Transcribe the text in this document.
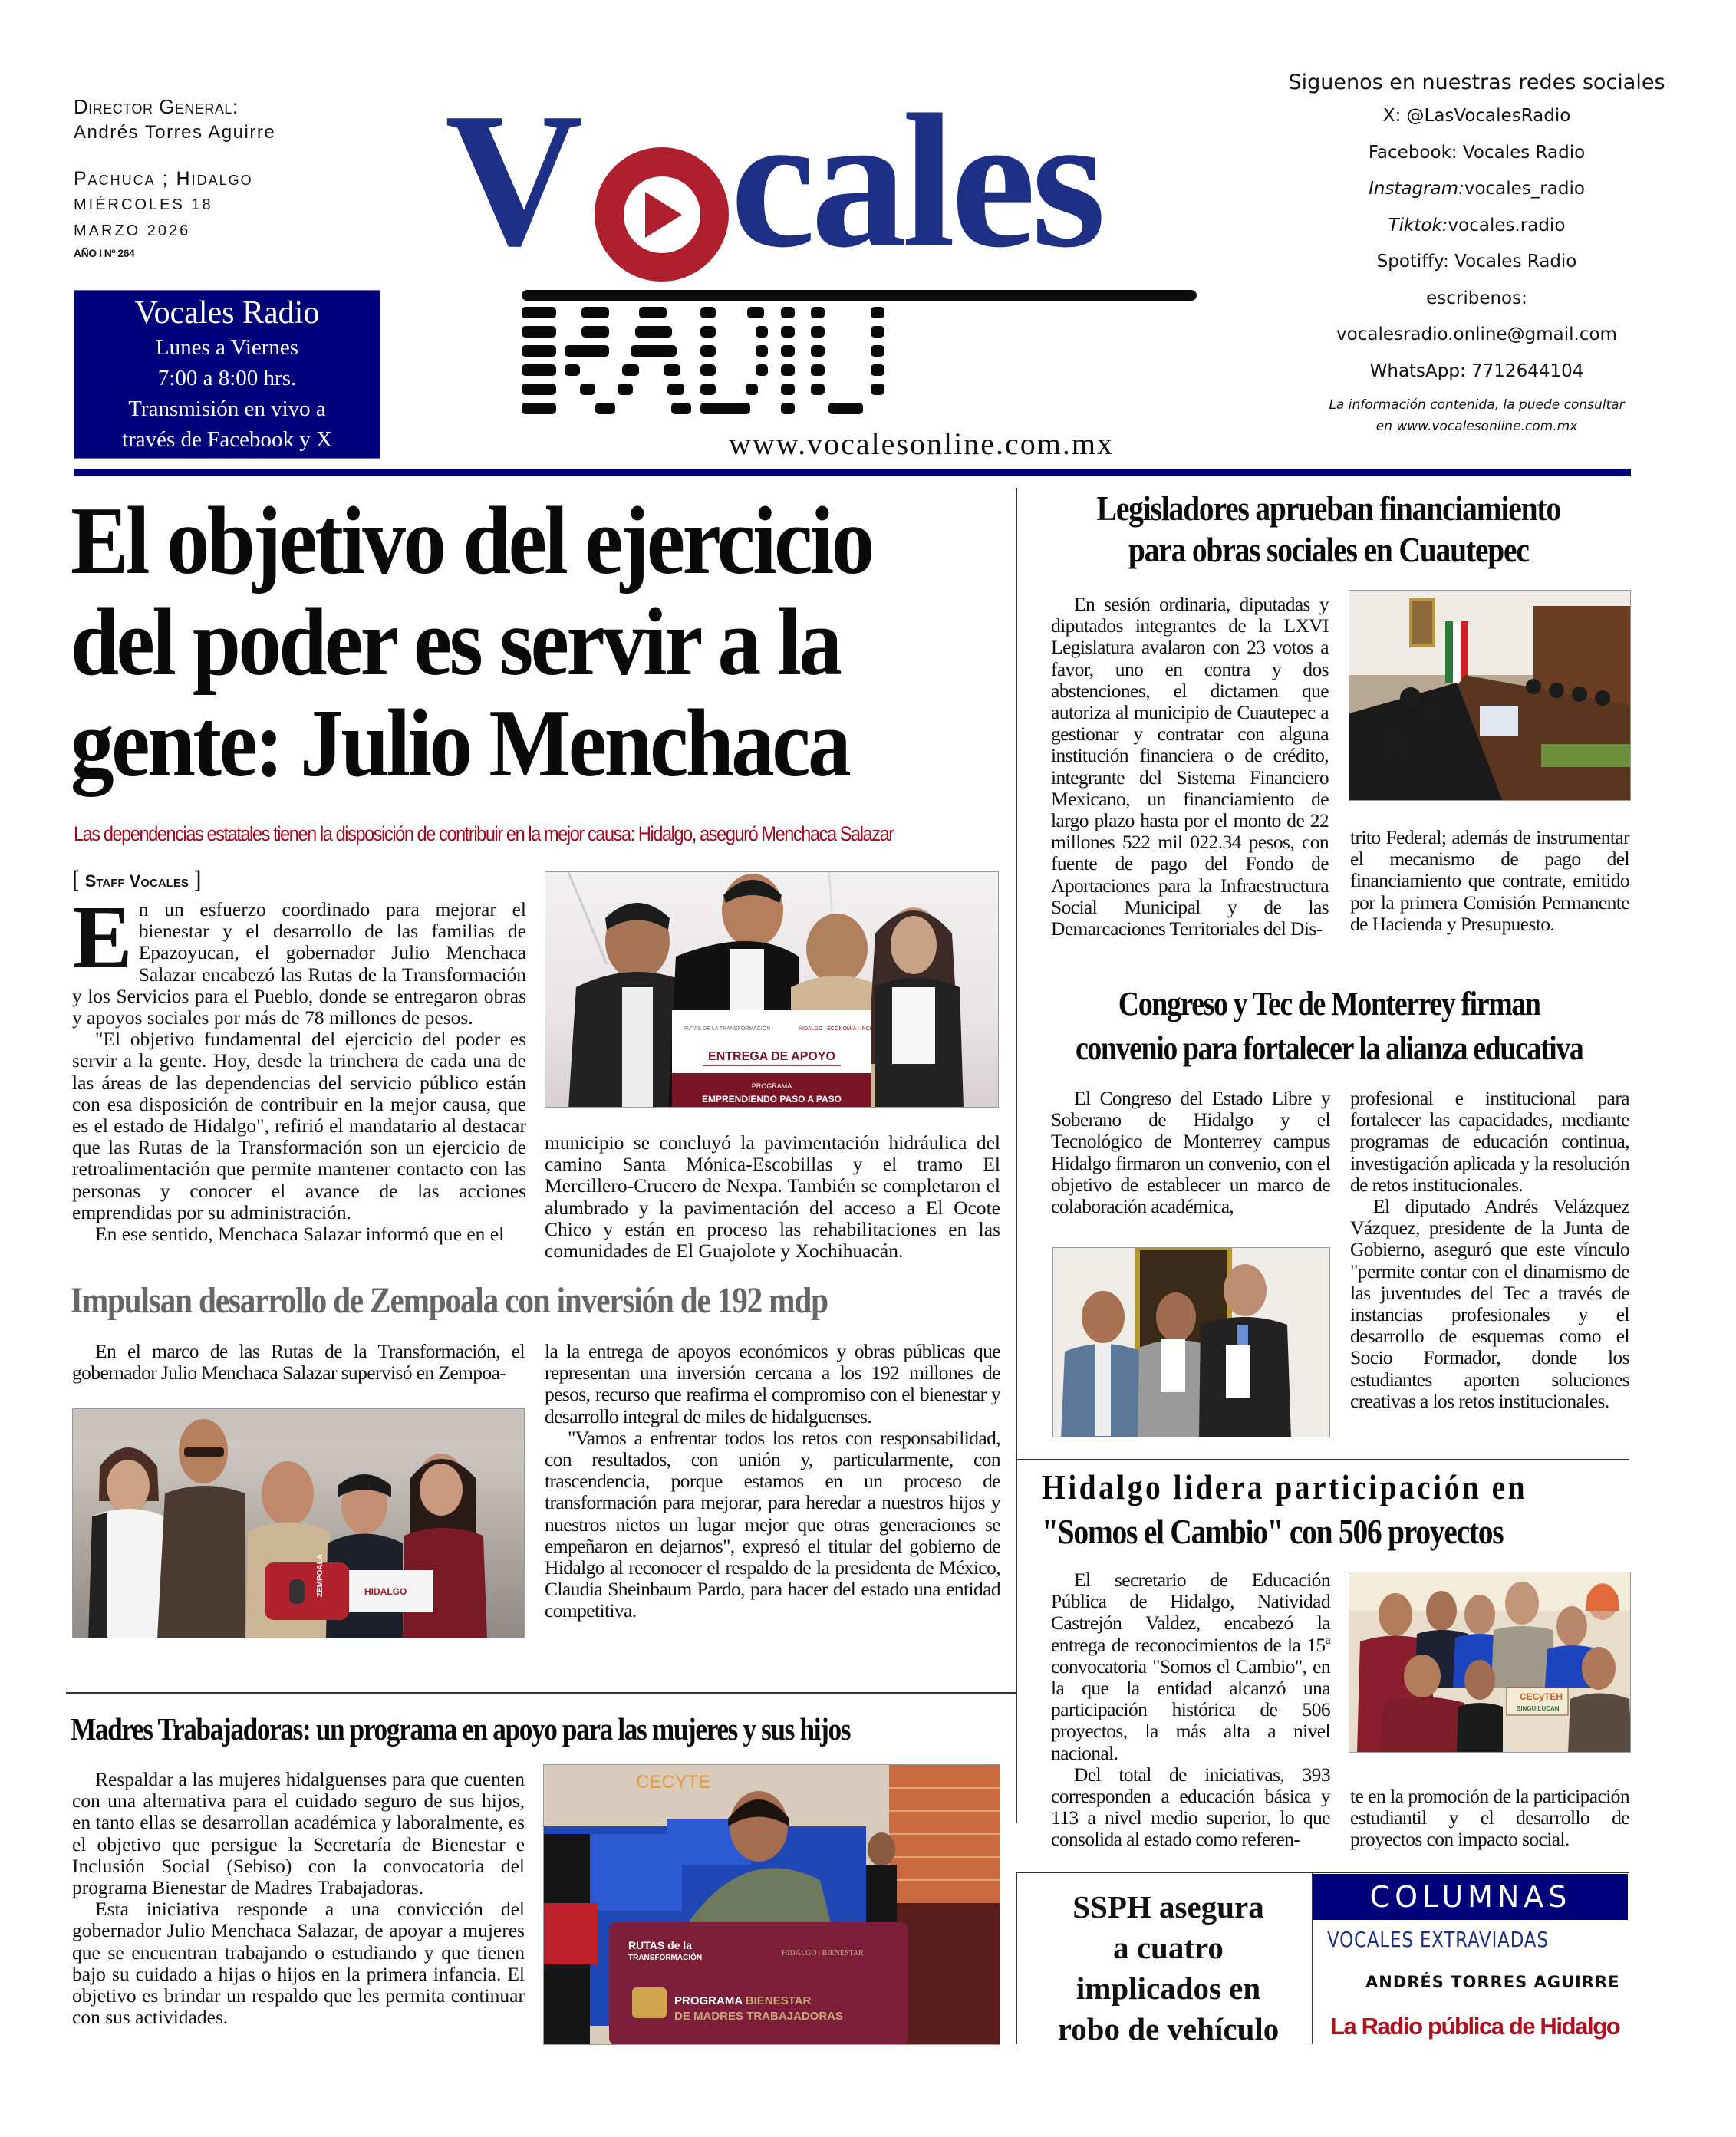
Director General:
Andrés Torres Aguirre
Pachuca ; Hidalgo
MIÉRCOLES 18
MARZO 2026
AÑO I Nº 264
Vocales Radio
Lunes a Viernes
7:00 a 8:00 hrs.
Transmisión en vivo a
través de Facebook y X
V cales
www.vocalesonline.com.mx
Siguenos en nuestras redes sociales
X: @LasVocalesRadio
Facebook: Vocales Radio
Instagram:vocales_radio
Tiktok:vocales.radio
Spotiffy: Vocales Radio
escribenos:
vocalesradio.online@gmail.com
WhatsApp: 7712644104
La información contenida, la puede consultar
en www.vocalesonline.com.mx
El objetivo del ejercicio
del poder es servir a la
gente: Julio Menchaca
Las dependencias estatales tienen la disposición de contribuir en la mejor causa: Hidalgo, aseguró Menchaca Salazar
[ Staff Vocales ]

En un esfuerzo coordinado para mejorar el bienestar y el desarrollo de las familias de Epazoyucan, el gobernador Julio Menchaca Salazar encabezó las Rutas de la Transformación y los Servicios para el Pueblo, donde se entregaron obras y apoyos sociales por más de 78 millones de pesos.

"El objetivo fundamental del ejercicio del poder es servir a la gente. Hoy, desde la trinchera de cada una de las áreas de las dependencias del servicio público están con esa disposición de contribuir en la mejor causa, que es el estado de Hidalgo", refirió el mandatario al destacar que las Rutas de la Transformación son un ejercicio de retroalimentación que permite mantener contacto con las personas y conocer el avance de las acciones emprendidas por su administración.

En ese sentido, Menchaca Salazar informó que en el

ENTREGA DE APOYO
RUTAS DE LA TRANSFORMACIÓN	HIDALGO | ECONOMÍA | INCE
PROGRAMA
EMPRENDIENDO PASO A PASO

municipio se concluyó la pavimentación hidráulica del camino Santa Mónica-Escobillas y el tramo El Mercillero-Crucero de Nexpa. También se completaron el alumbrado y la pavimentación del acceso a El Ocote Chico y están en proceso las rehabilitaciones en las comunidades de El Guajolote y Xochihuacán.

Impulsan desarrollo de Zempoala con inversión de 192 mdp

En el marco de las Rutas de la Transformación, el gobernador Julio Menchaca Salazar supervisó en Zempoa-

ZEMPOALA	HIDALGO

la la entrega de apoyos económicos y obras públicas que representan una inversión cercana a los 192 millones de pesos, recurso que reafirma el compromiso con el bienestar y desarrollo integral de miles de hidalguenses.

"Vamos a enfrentar todos los retos con responsabilidad, con resultados, con unión y, particularmente, con trascendencia, porque estamos en un proceso de transformación para mejorar, para heredar a nuestros hijos y nuestros nietos un lugar mejor que otras generaciones se empeñaron en dejarnos", expresó el titular del gobierno de Hidalgo al reconocer el respaldo de la presidenta de México, Claudia Sheinbaum Pardo, para hacer del estado una entidad competitiva.

Madres Trabajadoras: un programa en apoyo para las mujeres y sus hijos

Respaldar a las mujeres hidalguenses para que cuenten con una alternativa para el cuidado seguro de sus hijos, en tanto ellas se desarrollan académica y laboralmente, es el objetivo que persigue la Secretaría de Bienestar e Inclusión Social (Sebiso) con la convocatoria del programa Bienestar de Madres Trabajadoras.

Esta iniciativa responde a una convicción del gobernador Julio Menchaca Salazar, de apoyar a mujeres que se encuentran trabajando o estudiando y que tienen bajo su cuidado a hijas o hijos en la primera infancia. El objetivo es brindar un respaldo que les permita continuar con sus actividades.

CECYTE
RUTAS de la
TRANSFORMACIÓN
HIDALGO | BIENESTAR
PROGRAMA BIENESTAR
DE MADRES TRABAJADORAS
Legisladores aprueban financiamiento
para obras sociales en Cuautepec

En sesión ordinaria, diputadas y diputados integrantes de la LXVI Legislatura avalaron con 23 votos a favor, uno en contra y dos abstenciones, el dictamen que autoriza al municipio de Cuautepec a gestionar y contratar con alguna institución financiera o de crédito, integrante del Sistema Financiero Mexicano, un financiamiento de largo plazo hasta por el monto de 22 millones 522 mil 022.34 pesos, con fuente de pago del Fondo de Aportaciones para la Infraestructura Social Municipal y de las Demarcaciones Territoriales del Dis-

trito Federal; además de instrumentar el mecanismo de pago del financiamiento que contrate, emitido por la primera Comisión Permanente de Hacienda y Presupuesto.

Congreso y Tec de Monterrey firman
convenio para fortalecer la alianza educativa

El Congreso del Estado Libre y Soberano de Hidalgo y el Tecnológico de Monterrey campus Hidalgo firmaron un convenio, con el objetivo de establecer un marco de colaboración académica,

profesional e institucional para fortalecer las capacidades, mediante programas de educación continua, investigación aplicada y la resolución de retos institucionales.

El diputado Andrés Velázquez Vázquez, presidente de la Junta de Gobierno, aseguró que este vínculo "permite contar con el dinamismo de las juventudes del Tec a través de instancias profesionales y el desarrollo de esquemas como el Socio Formador, donde los estudiantes aporten soluciones creativas a los retos institucionales.

Hidalgo lidera participación en
"Somos el Cambio" con 506 proyectos

El secretario de Educación Pública de Hidalgo, Natividad Castrejón Valdez, encabezó la entrega de reconocimientos de la 15ª convocatoria "Somos el Cambio", en la que la entidad alcanzó una participación histórica de 506 proyectos, la más alta a nivel nacional.

Del total de iniciativas, 393 corresponden a educación básica y 113 a nivel medio superior, lo que consolida al estado como referen-

CECyTEH
SINGUILUCAN

te en la promoción de la participación estudiantil y el desarrollo de proyectos con impacto social.

SSPH asegura
a cuatro
implicados en
robo de vehículo
COLUMNAS
VOCALES EXTRAVIADAS
ANDRÉS TORRES AGUIRRE
La Radio pública de Hidalgo
